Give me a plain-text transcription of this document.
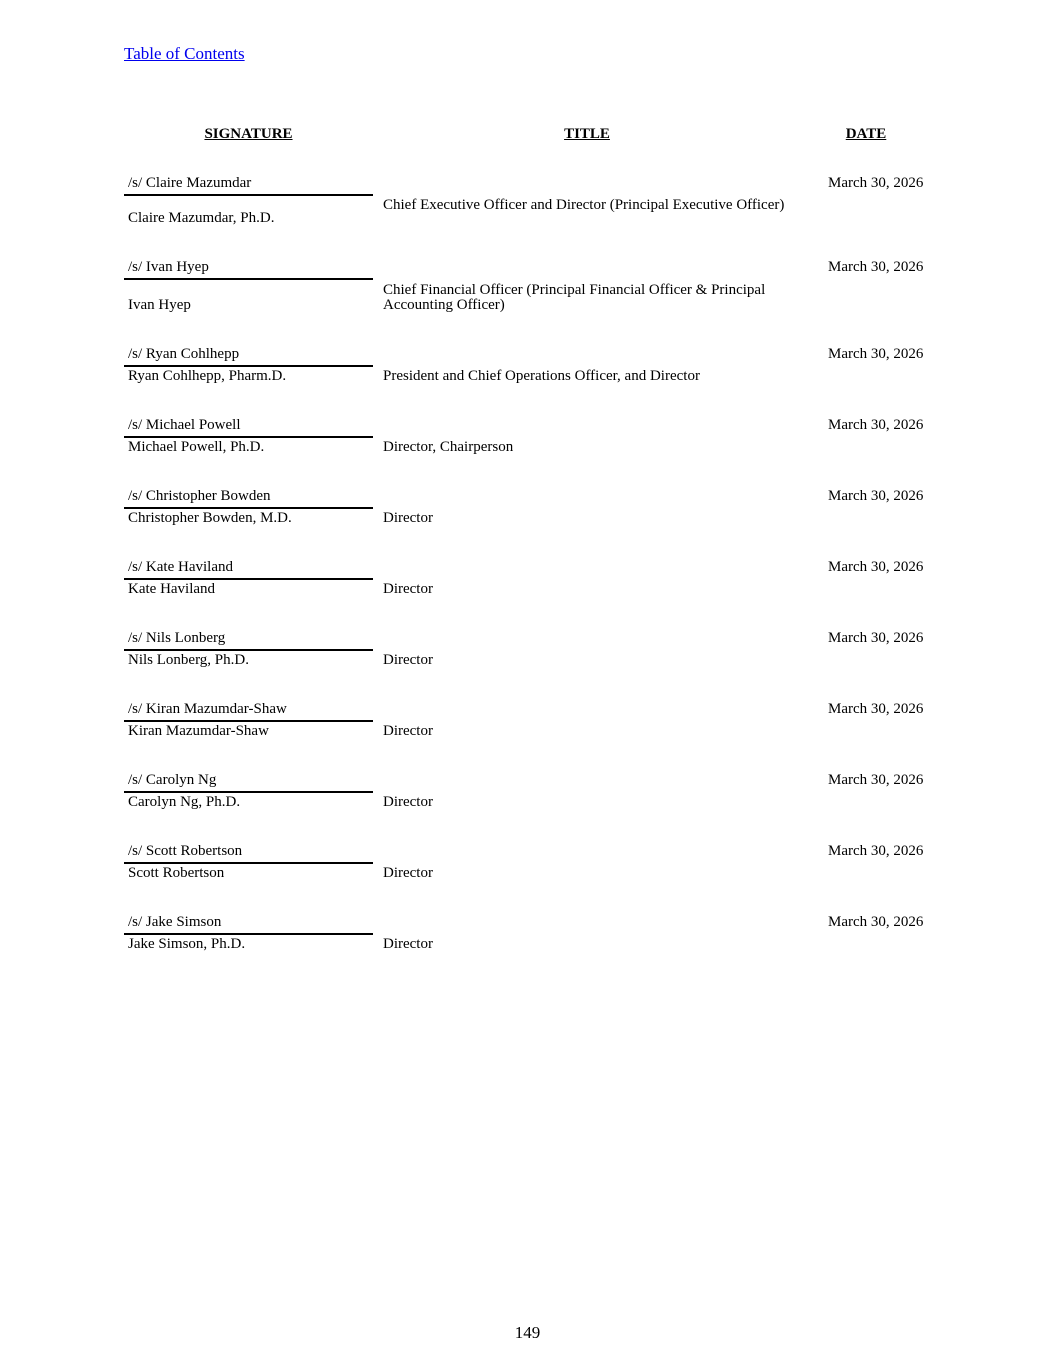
Table of Contents
SIGNATURE	TITLE	DATE
/s/ Claire Mazumdar
Claire Mazumdar, Ph.D.
Chief Executive Officer and Director (Principal Executive Officer)
March 30, 2026
/s/ Ivan Hyep
Ivan Hyep
Chief Financial Officer (Principal Financial Officer & Principal Accounting Officer)
March 30, 2026
/s/ Ryan Cohlhepp
Ryan Cohlhepp, Pharm.D.	President and Chief Operations Officer, and Director
March 30, 2026
/s/ Michael Powell
Michael Powell, Ph.D.	Director, Chairperson
March 30, 2026
/s/ Christopher Bowden
Christopher Bowden, M.D.	Director
March 30, 2026
/s/ Kate Haviland
Kate Haviland	Director
March 30, 2026
/s/ Nils Lonberg
Nils Lonberg, Ph.D.	Director
March 30, 2026
/s/ Kiran Mazumdar-Shaw
Kiran Mazumdar-Shaw	Director
March 30, 2026
/s/ Carolyn Ng
Carolyn Ng, Ph.D.	Director
March 30, 2026
/s/ Scott Robertson
Scott Robertson	Director
March 30, 2026
/s/ Jake Simson
Jake Simson, Ph.D.	Director
March 30, 2026
149
